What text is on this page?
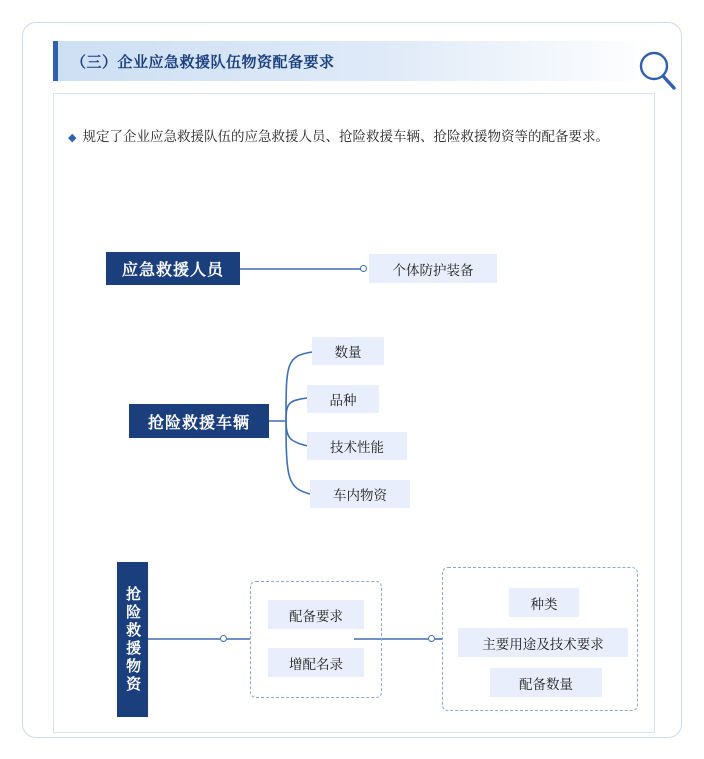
（三）企业应急救援队伍物资配备要求
◆ 规定了企业应急救援队伍的应急救援人员、抢险救援车辆、抢险救援物资等的配备要求。
应急救援人员	个体防护装备
抢险救援车辆
数量
品种
技术性能
车内物资
抢险救援物资	配备要求
增配名录
种类
主要用途及技术要求
配备数量
